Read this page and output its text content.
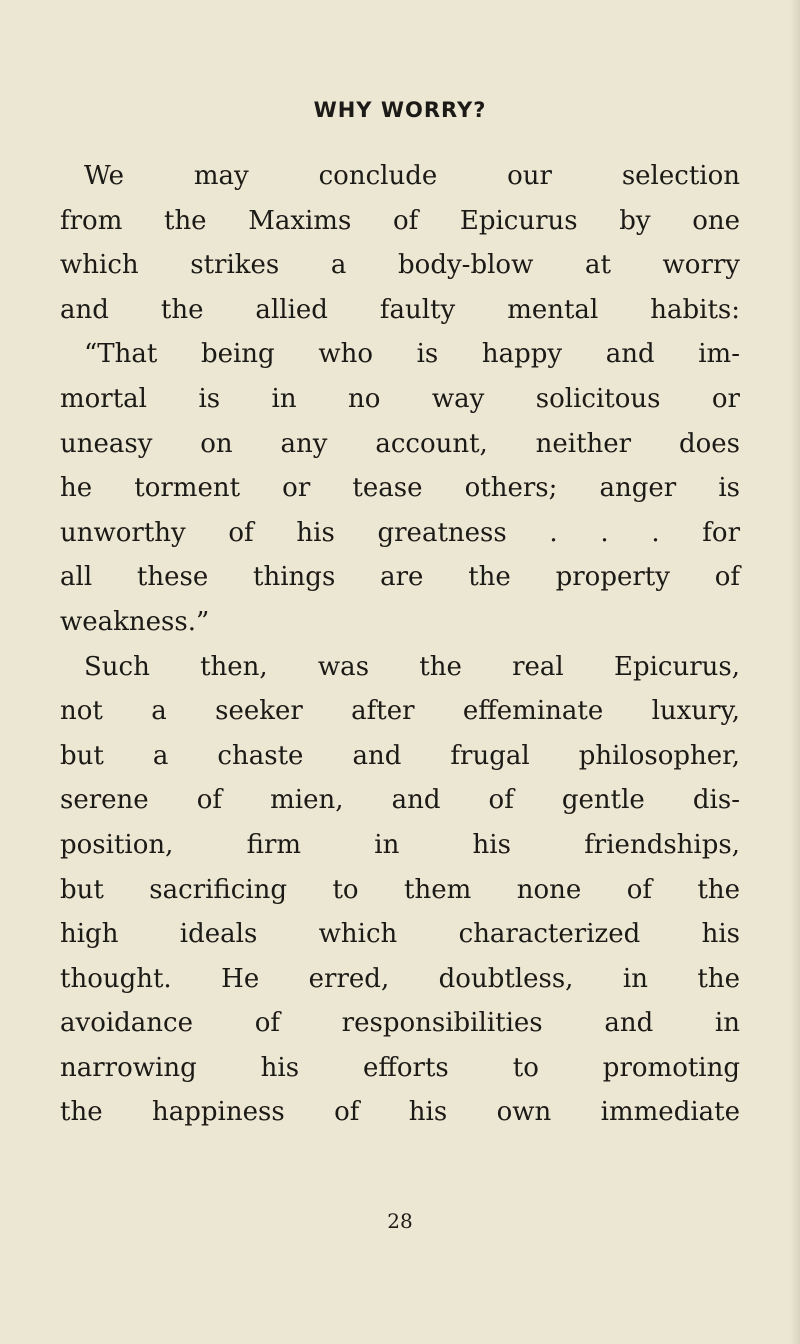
WHY WORRY?
We may conclude our selection
from the Maxims of Epicurus by one
which strikes a body-blow at worry
and the allied faulty mental habits:
“That being who is happy and im-
mortal is in no way solicitous or
uneasy on any account, neither does
he torment or tease others; anger is
unworthy of his greatness . . . for
all these things are the property of
weakness.”
Such then, was the real Epicurus,
not a seeker after effeminate luxury,
but a chaste and frugal philosopher,
serene of mien, and of gentle dis-
position, firm in his friendships,
but sacrificing to them none of the
high ideals which characterized his
thought. He erred, doubtless, in the
avoidance of responsibilities and in
narrowing his efforts to promoting
the happiness of his own immediate
28
